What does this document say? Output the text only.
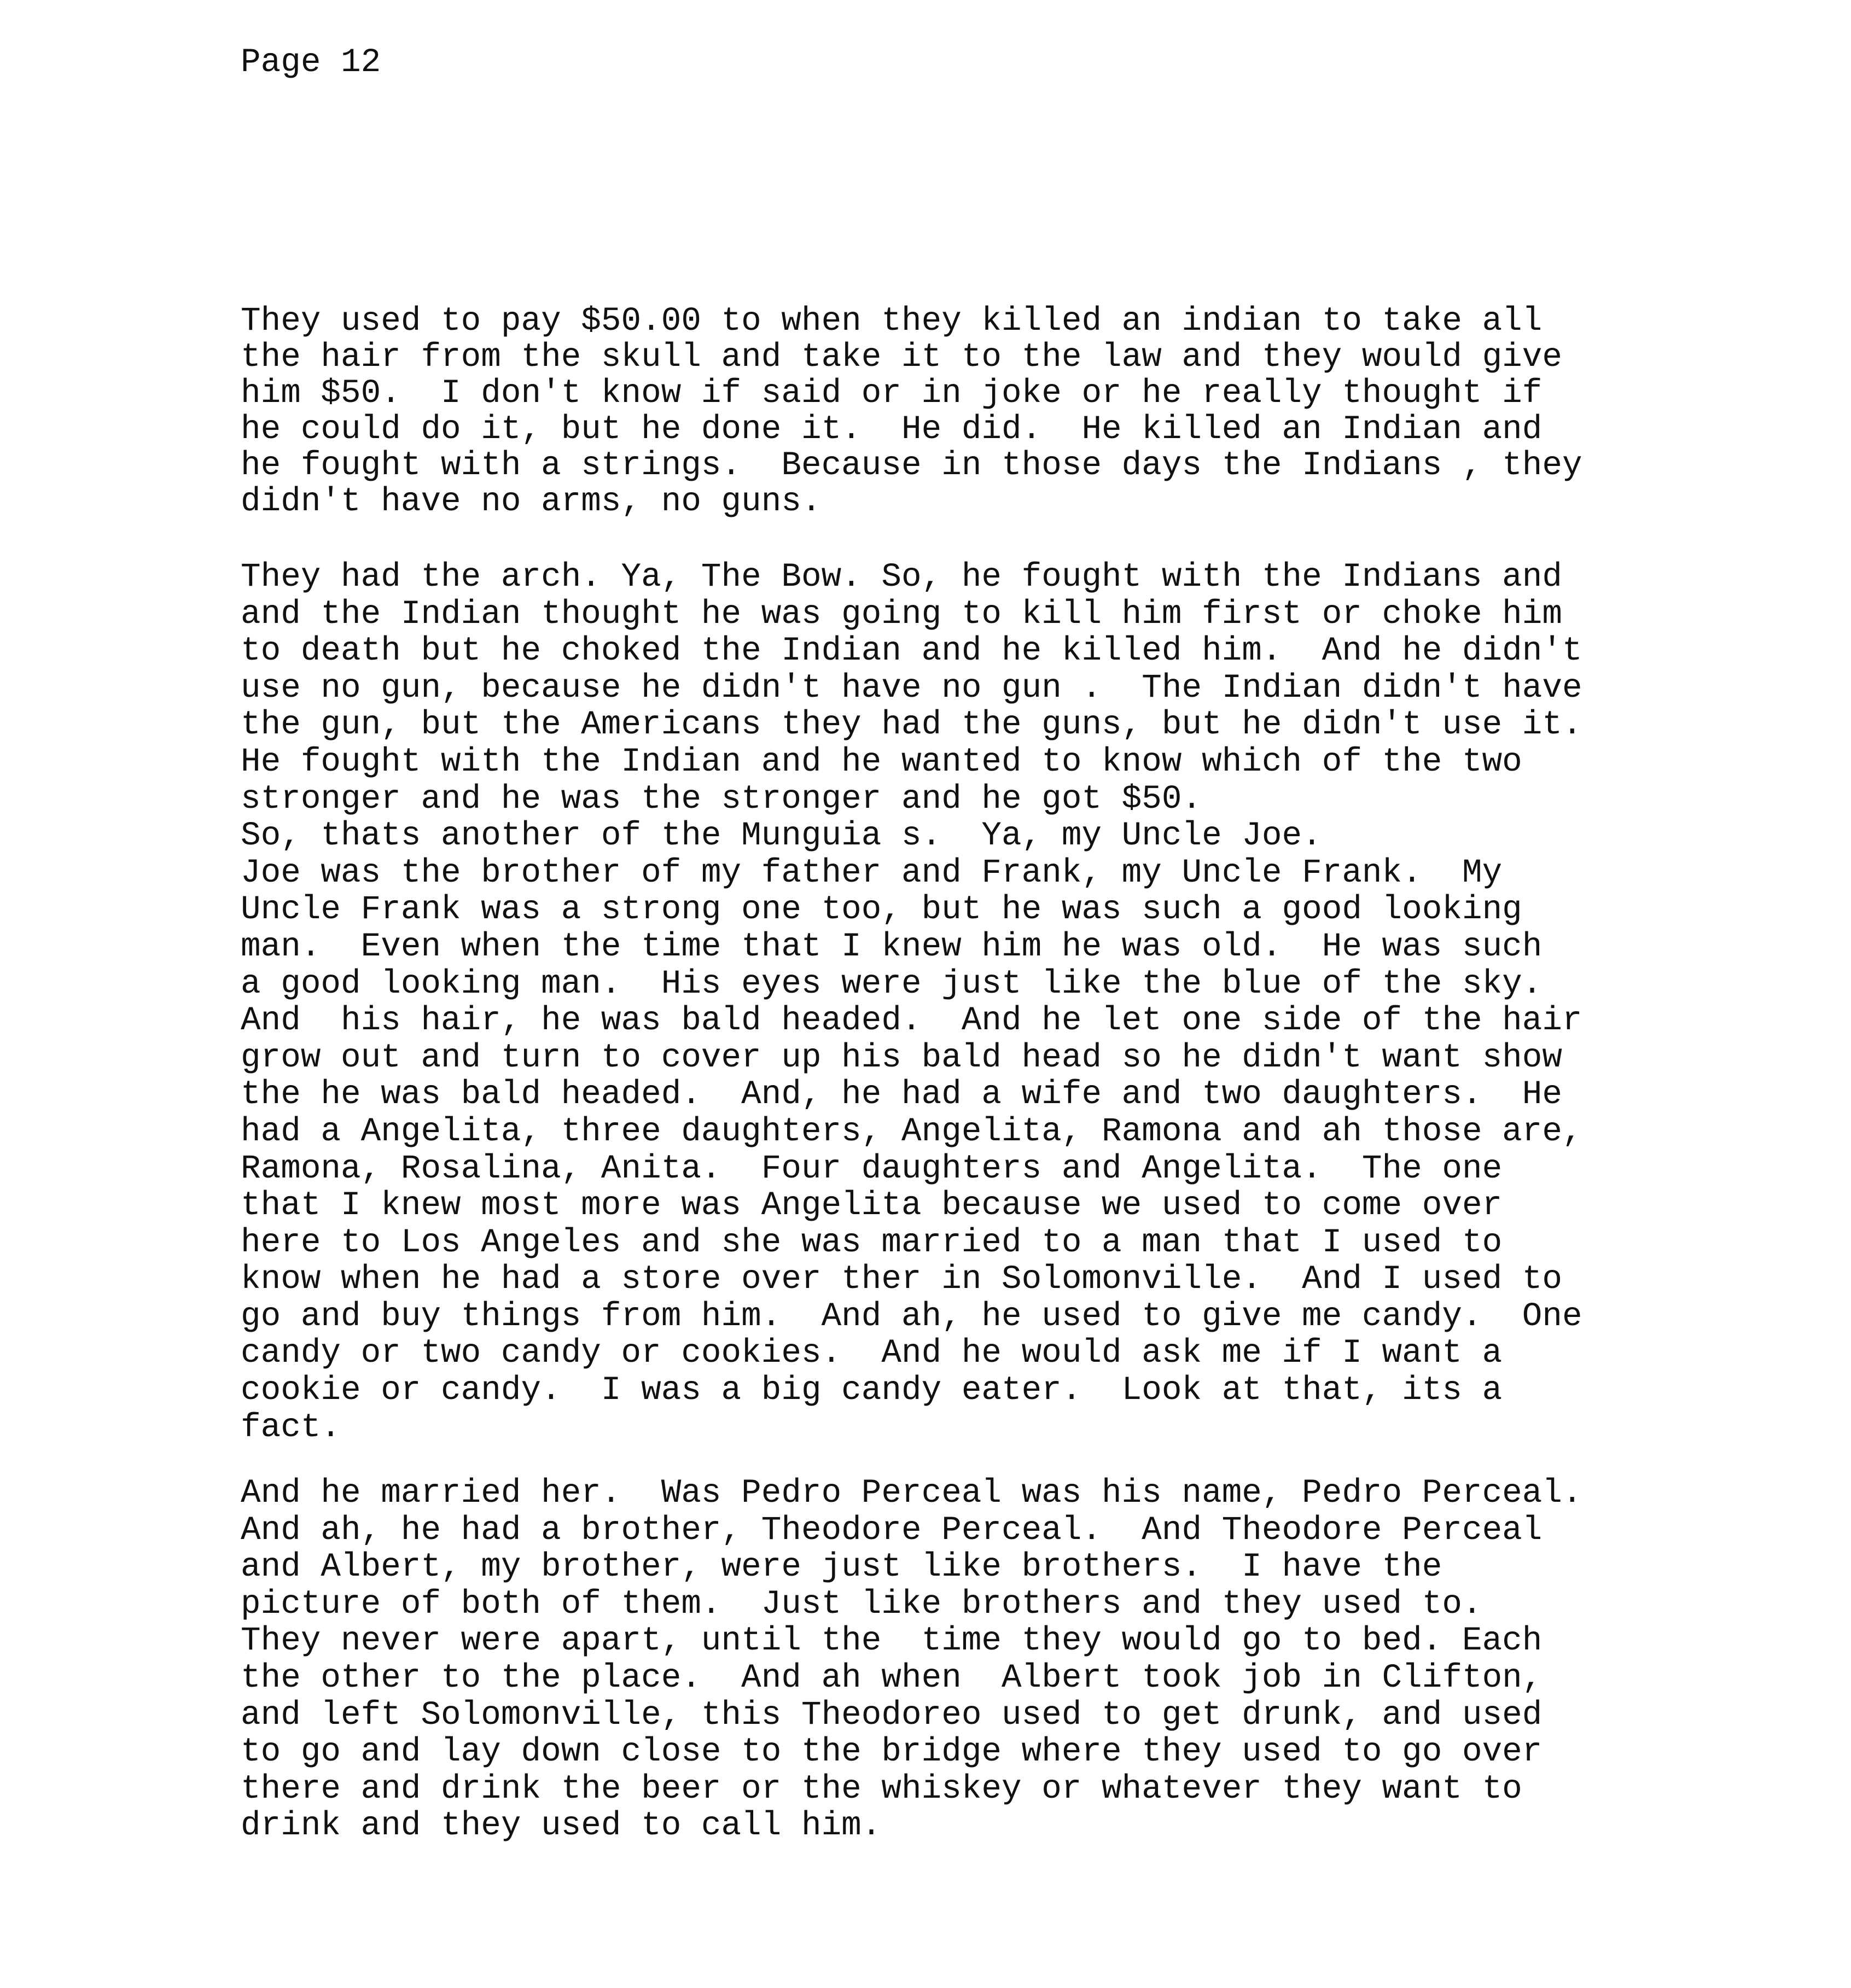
Page 12
They used to pay $50.00 to when they killed an indian to take all
the hair from the skull and take it to the law and they would give
him $50.  I don't know if said or in joke or he really thought if
he could do it, but he done it.  He did.  He killed an Indian and
he fought with a strings.  Because in those days the Indians , they
didn't have no arms, no guns.
They had the arch. Ya, The Bow. So, he fought with the Indians and
and the Indian thought he was going to kill him first or choke him
to death but he choked the Indian and he killed him.  And he didn't
use no gun, because he didn't have no gun .  The Indian didn't have
the gun, but the Americans they had the guns, but he didn't use it.
He fought with the Indian and he wanted to know which of the two
stronger and he was the stronger and he got $50.
So, thats another of the Munguia s.  Ya, my Uncle Joe.
Joe was the brother of my father and Frank, my Uncle Frank.  My
Uncle Frank was a strong one too, but he was such a good looking
man.  Even when the time that I knew him he was old.  He was such
a good looking man.  His eyes were just like the blue of the sky.
And  his hair, he was bald headed.  And he let one side of the hair
grow out and turn to cover up his bald head so he didn't want show
the he was bald headed.  And, he had a wife and two daughters.  He
had a Angelita, three daughters, Angelita, Ramona and ah those are,
Ramona, Rosalina, Anita.  Four daughters and Angelita.  The one
that I knew most more was Angelita because we used to come over
here to Los Angeles and she was married to a man that I used to
know when he had a store over ther in Solomonville.  And I used to
go and buy things from him.  And ah, he used to give me candy.  One
candy or two candy or cookies.  And he would ask me if I want a
cookie or candy.  I was a big candy eater.  Look at that, its a
fact.
And he married her.  Was Pedro Perceal was his name, Pedro Perceal.
And ah, he had a brother, Theodore Perceal.  And Theodore Perceal
and Albert, my brother, were just like brothers.  I have the
picture of both of them.  Just like brothers and they used to.
They never were apart, until the  time they would go to bed. Each
the other to the place.  And ah when  Albert took job in Clifton,
and left Solomonville, this Theodoreo used to get drunk, and used
to go and lay down close to the bridge where they used to go over
there and drink the beer or the whiskey or whatever they want to
drink and they used to call him.
